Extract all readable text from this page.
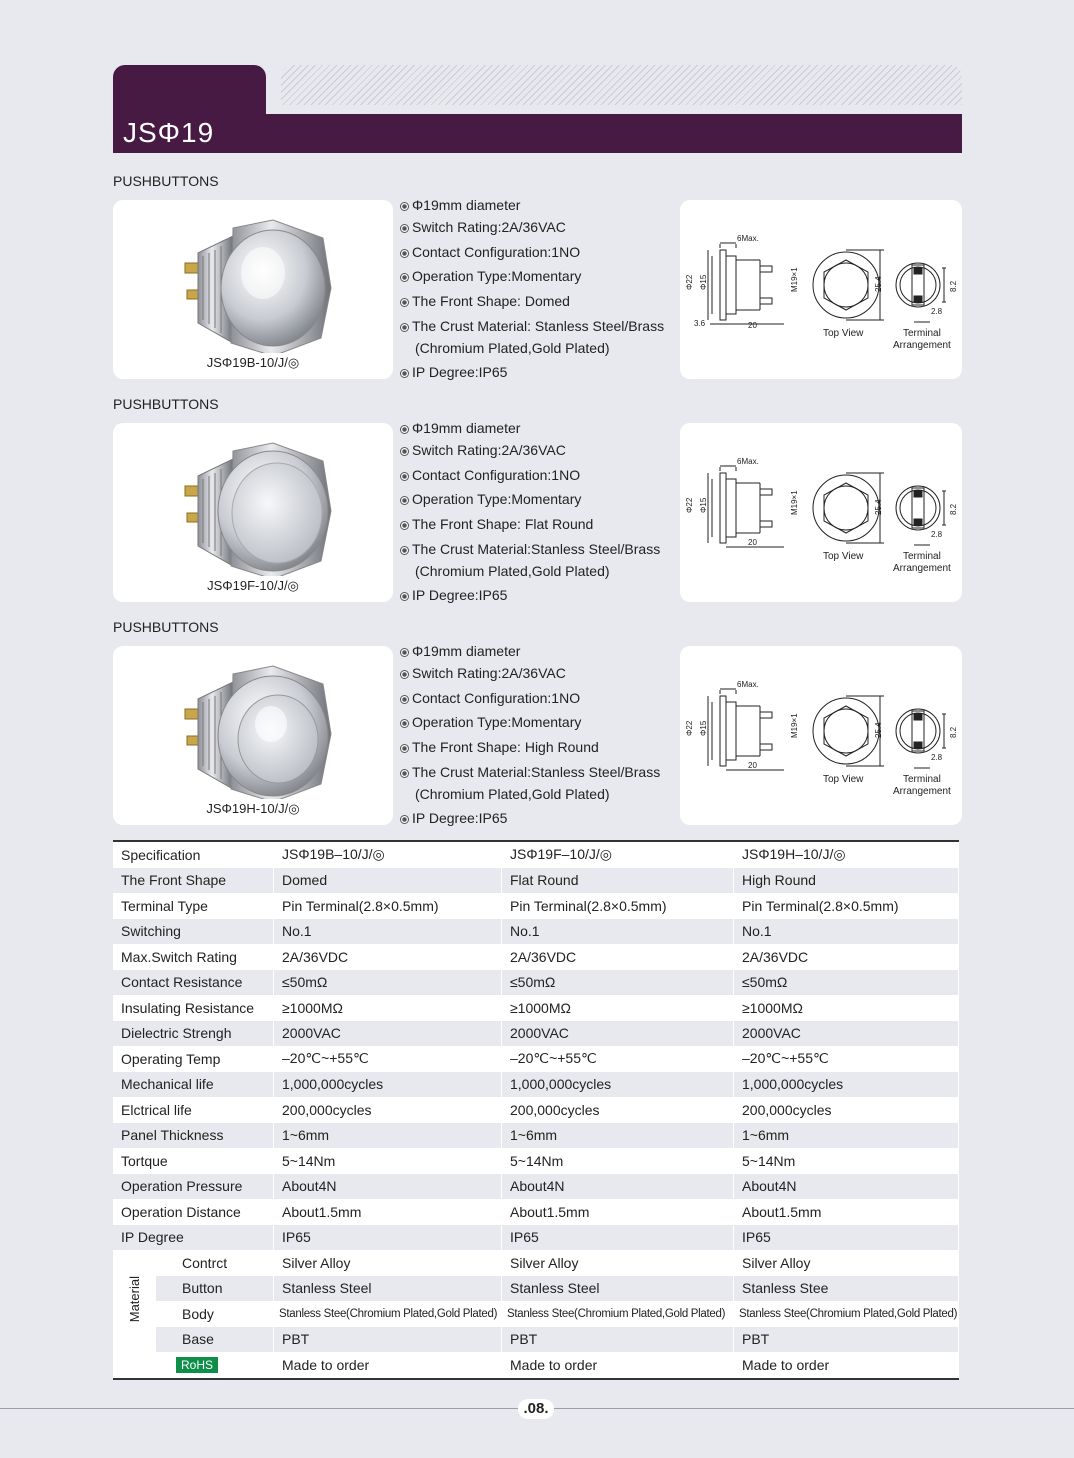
JSΦ19
PUSHBUTTONS
JSΦ19B-10/J/◎
Φ19mm diameter
Switch Rating:2A/36VAC
Contact Configuration:1NO
Operation Type:Momentary
The Front Shape: Domed
The Crust Material: Stanless Steel/Brass
IP Degree:IP65
(Chromium Plated,Gold Plated)
6Max.
Φ22 Φ15	M19×1
20
3.6
25.4
Top View
8.2
2.8
Terminal
Arrangement
PUSHBUTTONS
JSΦ19F-10/J/◎
Φ19mm diameter
Switch Rating:2A/36VAC
Contact Configuration:1NO
Operation Type:Momentary
The Front Shape: Flat Round
The Crust Material:Stanless Steel/Brass
IP Degree:IP65
(Chromium Plated,Gold Plated)
6Max.
Φ22 Φ15	M19×1
20
25.4
Top View
8.2
2.8
Terminal
Arrangement
PUSHBUTTONS
JSΦ19H-10/J/◎
Φ19mm diameter
Switch Rating:2A/36VAC
Contact Configuration:1NO
Operation Type:Momentary
The Front Shape: High Round
The Crust Material:Stanless Steel/Brass
IP Degree:IP65
(Chromium Plated,Gold Plated)
6Max.
Φ22 Φ15	M19×1
20
25.4
Top View
8.2
2.8
Terminal
Arrangement
Specification		JSΦ19B–10/J/◎	JSΦ19F–10/J/◎	JSΦ19H–10/J/◎
The Front Shape		Domed	Flat Round	High Round
Terminal Type		Pin Terminal(2.8×0.5mm)	Pin Terminal(2.8×0.5mm)	Pin Terminal(2.8×0.5mm)
Switching		No.1	No.1	No.1
Max.Switch Rating		2A/36VDC	2A/36VDC	2A/36VDC
Contact Resistance		≤50mΩ	≤50mΩ	≤50mΩ
Insulating Resistance		≥1000MΩ	≥1000MΩ	≥1000MΩ
Dielectric Strengh		2000VAC	2000VAC	2000VAC
Operating Temp		–20℃~+55℃	–20℃~+55℃	–20℃~+55℃
Mechanical life		1,000,000cycles	1,000,000cycles	1,000,000cycles
Elctrical life		200,000cycles	200,000cycles	200,000cycles
Panel Thickness		1~6mm	1~6mm	1~6mm
Tortque		5~14Nm	5~14Nm	5~14Nm
Operation Pressure		About4N	About4N	About4N
Operation Distance		About1.5mm	About1.5mm	About1.5mm
IP Degree		IP65	IP65	IP65
Material	Contrct	Silver Alloy	Silver Alloy	Silver Alloy
	Button	Stanless Steel	Stanless Steel	Stanless Stee
	Body	Stanless Stee(Chromium Plated,Gold Plated)	Stanless Stee(Chromium Plated,Gold Plated)	Stanless Stee(Chromium Plated,Gold Plated)
	Base	PBT	PBT	PBT
	RoHS	Made to order	Made to order	Made to order
.08.
